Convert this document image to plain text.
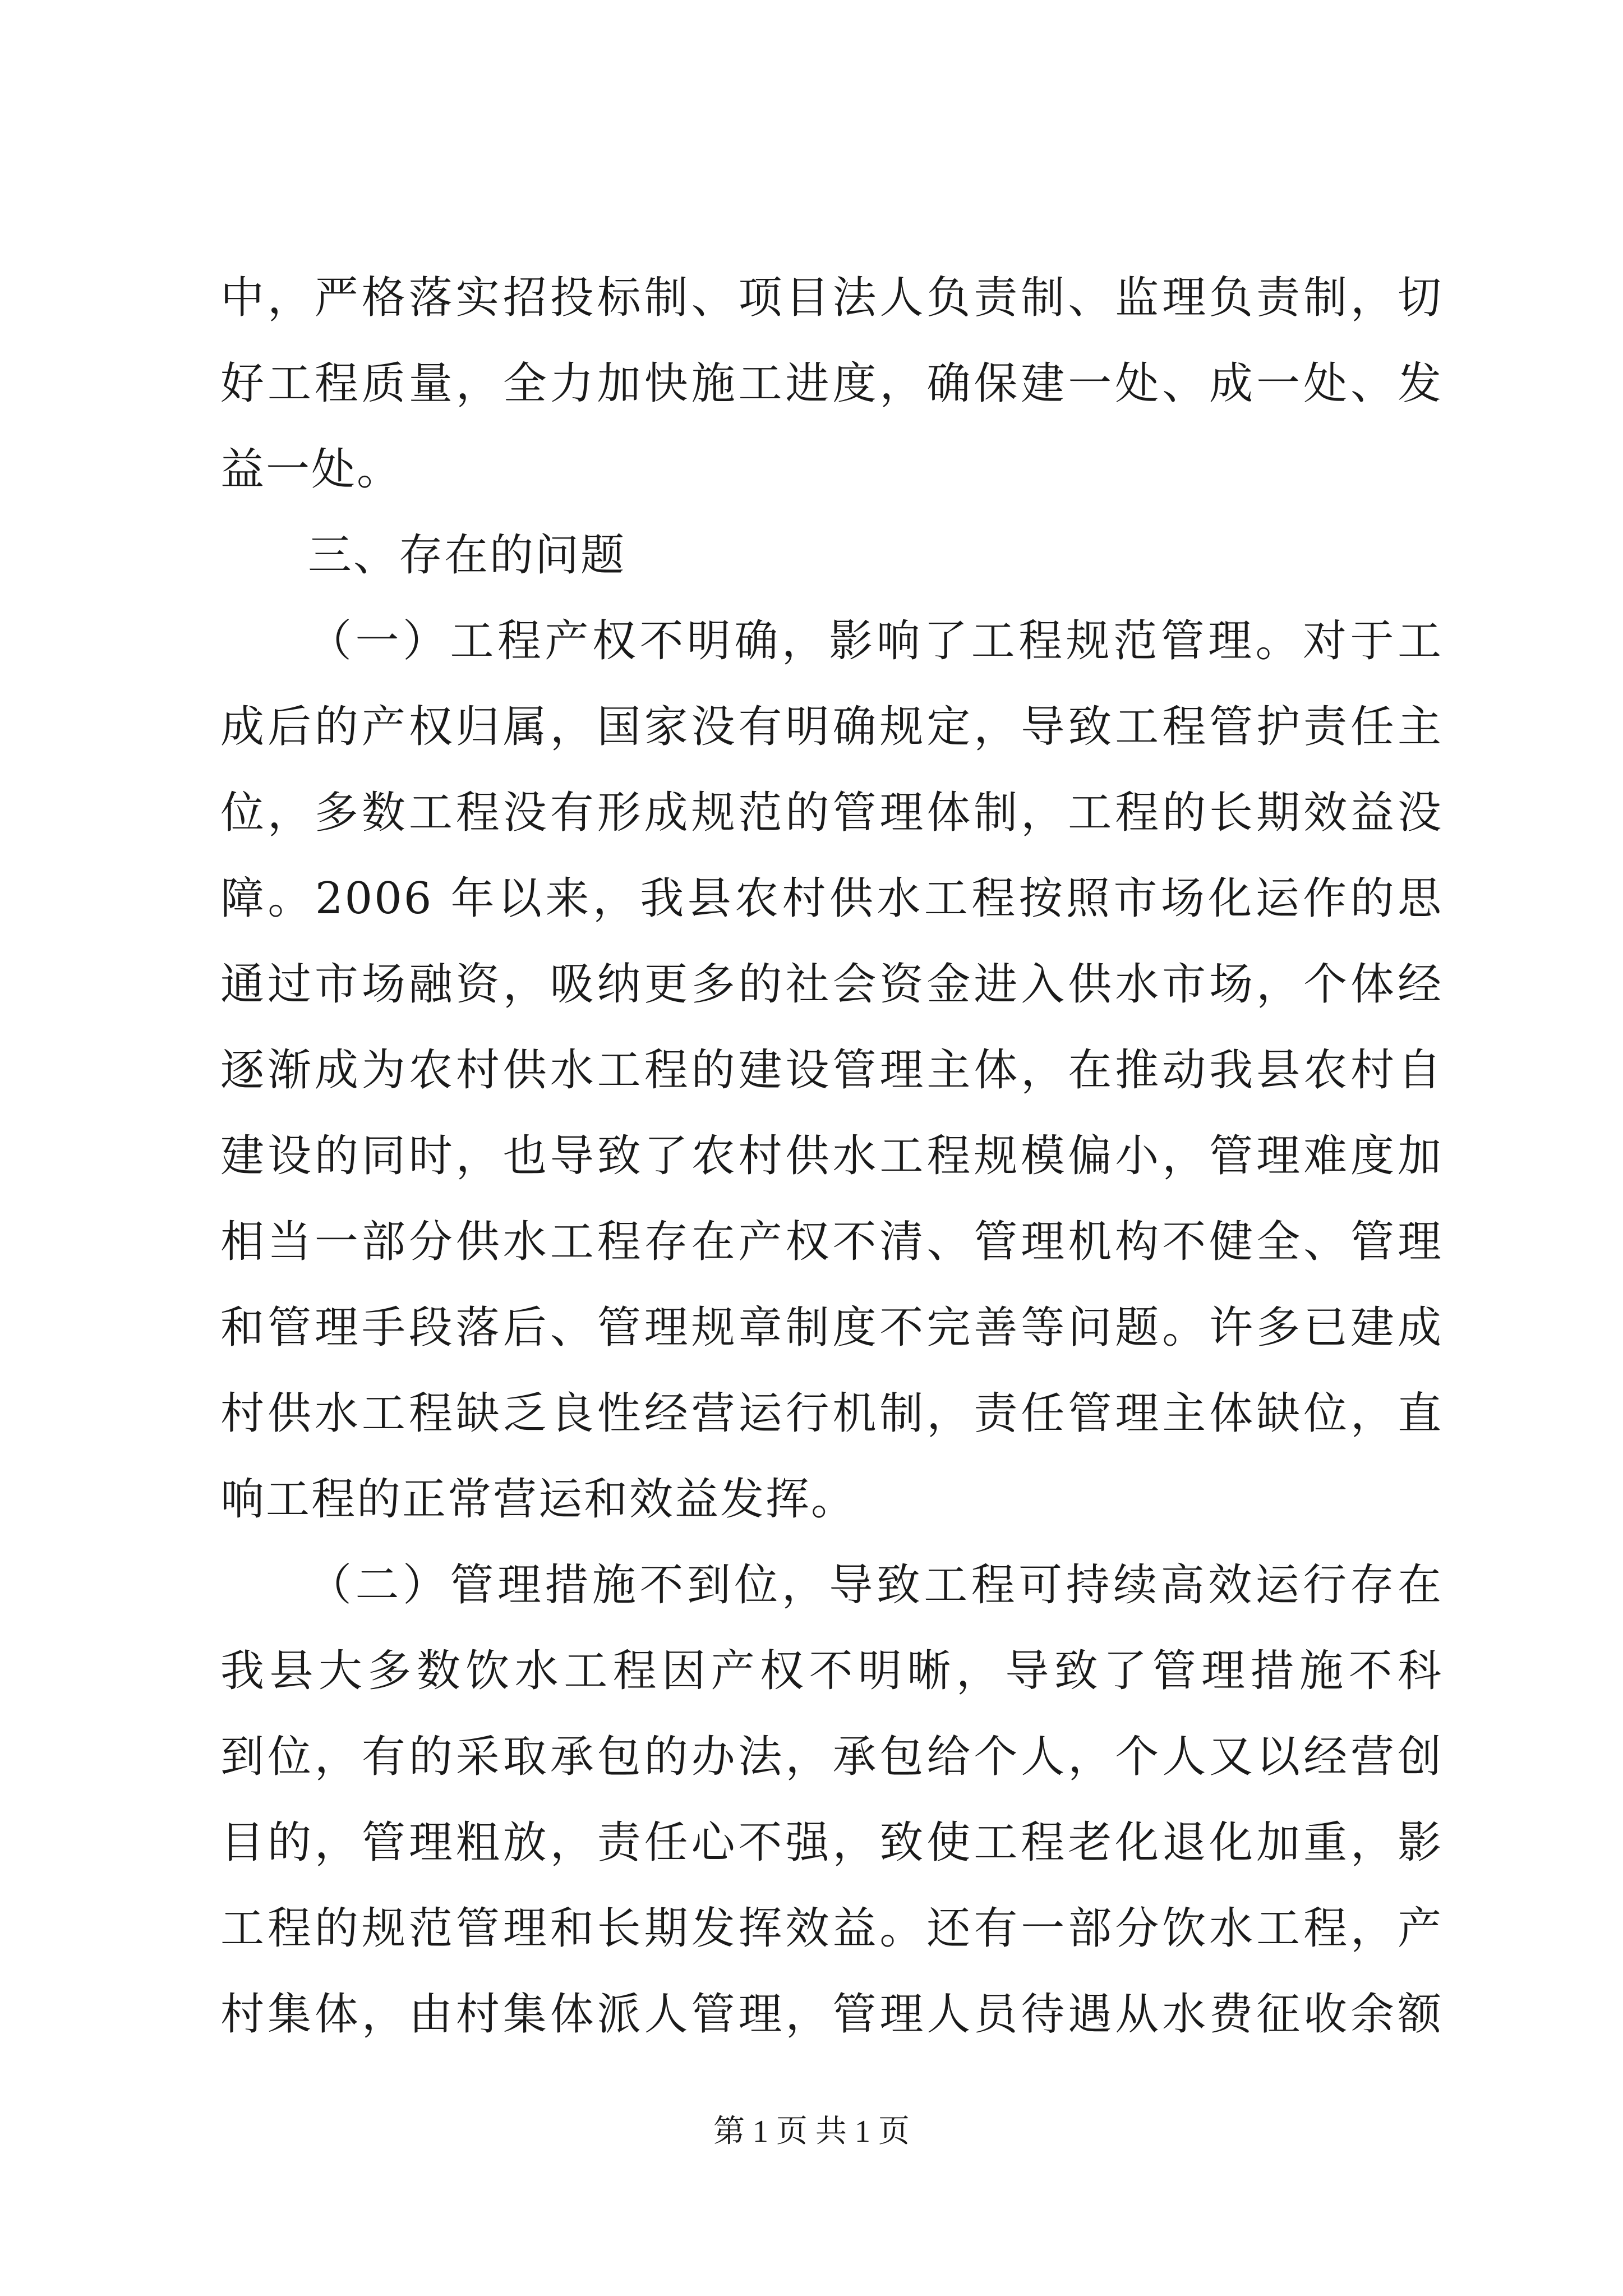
中，严格落实招投标制、项目法人负责制、监理负责制，切
好工程质量，全力加快施工进度，确保建一处、成一处、发
益一处。
三、存在的问题
（一）工程产权不明确，影响了工程规范管理。对于工
成后的产权归属，国家没有明确规定，导致工程管护责任主
位，多数工程没有形成规范的管理体制，工程的长期效益没
障。2006 年以来，我县农村供水工程按照市场化运作的思
通过市场融资，吸纳更多的社会资金进入供水市场，个体经
逐渐成为农村供水工程的建设管理主体，在推动我县农村自
建设的同时，也导致了农村供水工程规模偏小，管理难度加
相当一部分供水工程存在产权不清、管理机构不健全、管理
和管理手段落后、管理规章制度不完善等问题。许多已建成
村供水工程缺乏良性经营运行机制，责任管理主体缺位，直
响工程的正常营运和效益发挥。
（二）管理措施不到位，导致工程可持续高效运行存在
我县大多数饮水工程因产权不明晰，导致了管理措施不科
到位，有的采取承包的办法，承包给个人，个人又以经营创
目的，管理粗放，责任心不强，致使工程老化退化加重，影
工程的规范管理和长期发挥效益。还有一部分饮水工程，产
村集体，由村集体派人管理，管理人员待遇从水费征收余额
第 1 页 共 1 页
